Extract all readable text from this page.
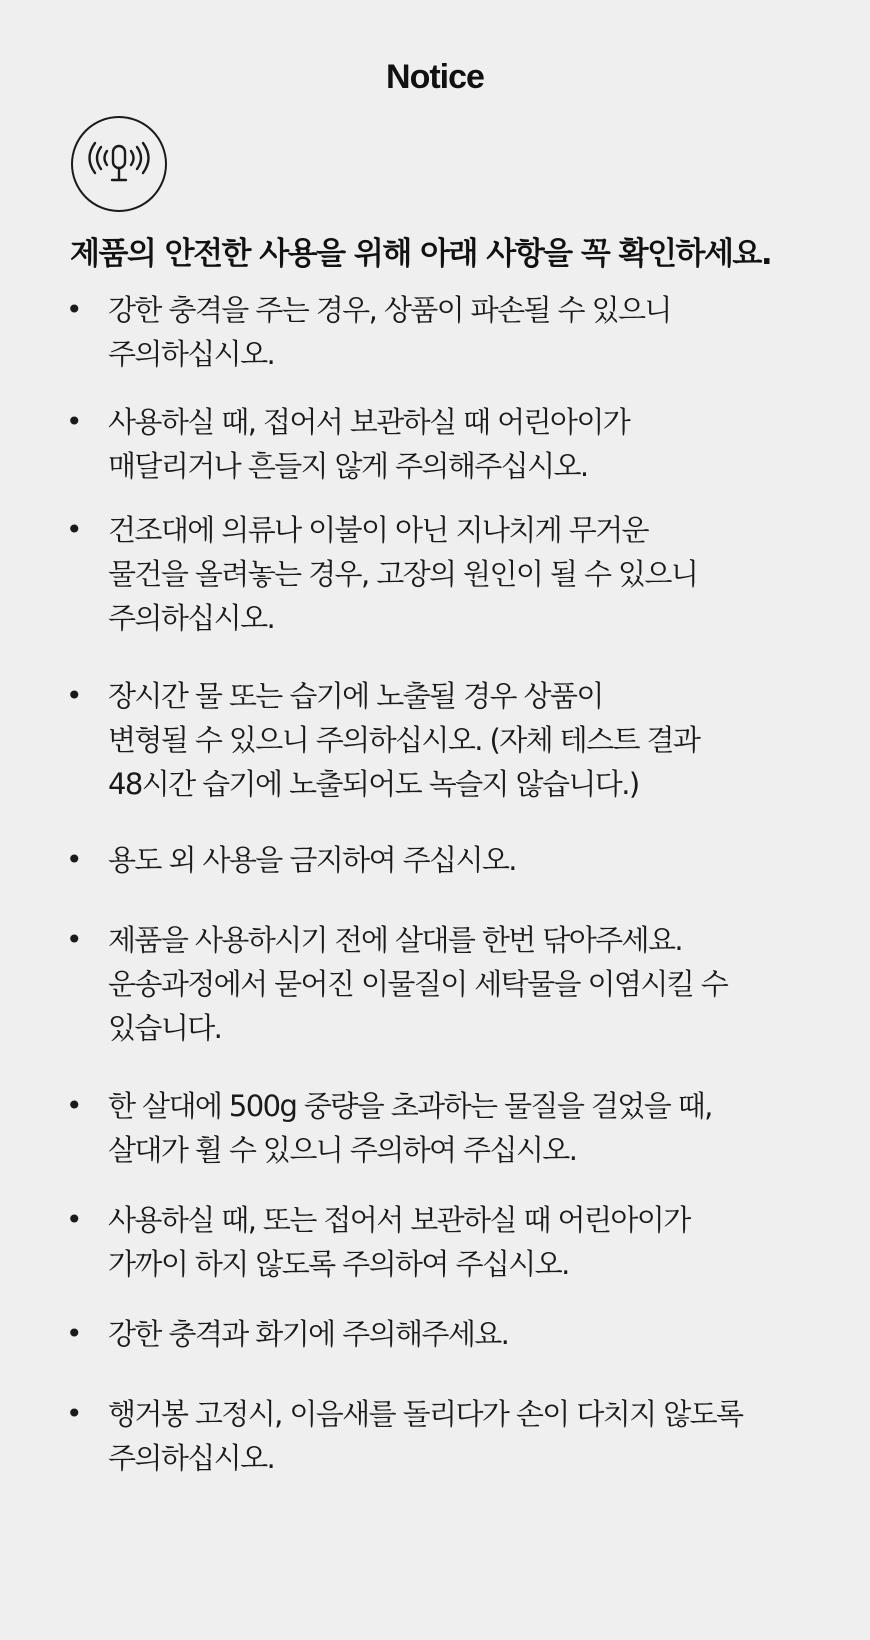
Notice
제품의 안전한 사용을 위해 아래 사항을 꼭 확인하세요.
• 강한 충격을 주는 경우, 상품이 파손될 수 있으니
주의하십시오.
• 사용하실 때, 접어서 보관하실 때 어린아이가
매달리거나 흔들지 않게 주의해주십시오.
• 건조대에 의류나 이불이 아닌 지나치게 무거운
물건을 올려놓는 경우, 고장의 원인이 될 수 있으니
주의하십시오.
• 장시간 물 또는 습기에 노출될 경우 상품이
변형될 수 있으니 주의하십시오. (자체 테스트 결과
48시간 습기에 노출되어도 녹슬지 않습니다.)
• 용도 외 사용을 금지하여 주십시오.
• 제품을 사용하시기 전에 살대를 한번 닦아주세요.
운송과정에서 묻어진 이물질이 세탁물을 이염시킬 수
있습니다.
• 한 살대에 500g 중량을 초과하는 물질을 걸었을 때,
살대가 휠 수 있으니 주의하여 주십시오.
• 사용하실 때, 또는 접어서 보관하실 때 어린아이가
가까이 하지 않도록 주의하여 주십시오.
• 강한 충격과 화기에 주의해주세요.
• 행거봉 고정시, 이음새를 돌리다가 손이 다치지 않도록
주의하십시오.
